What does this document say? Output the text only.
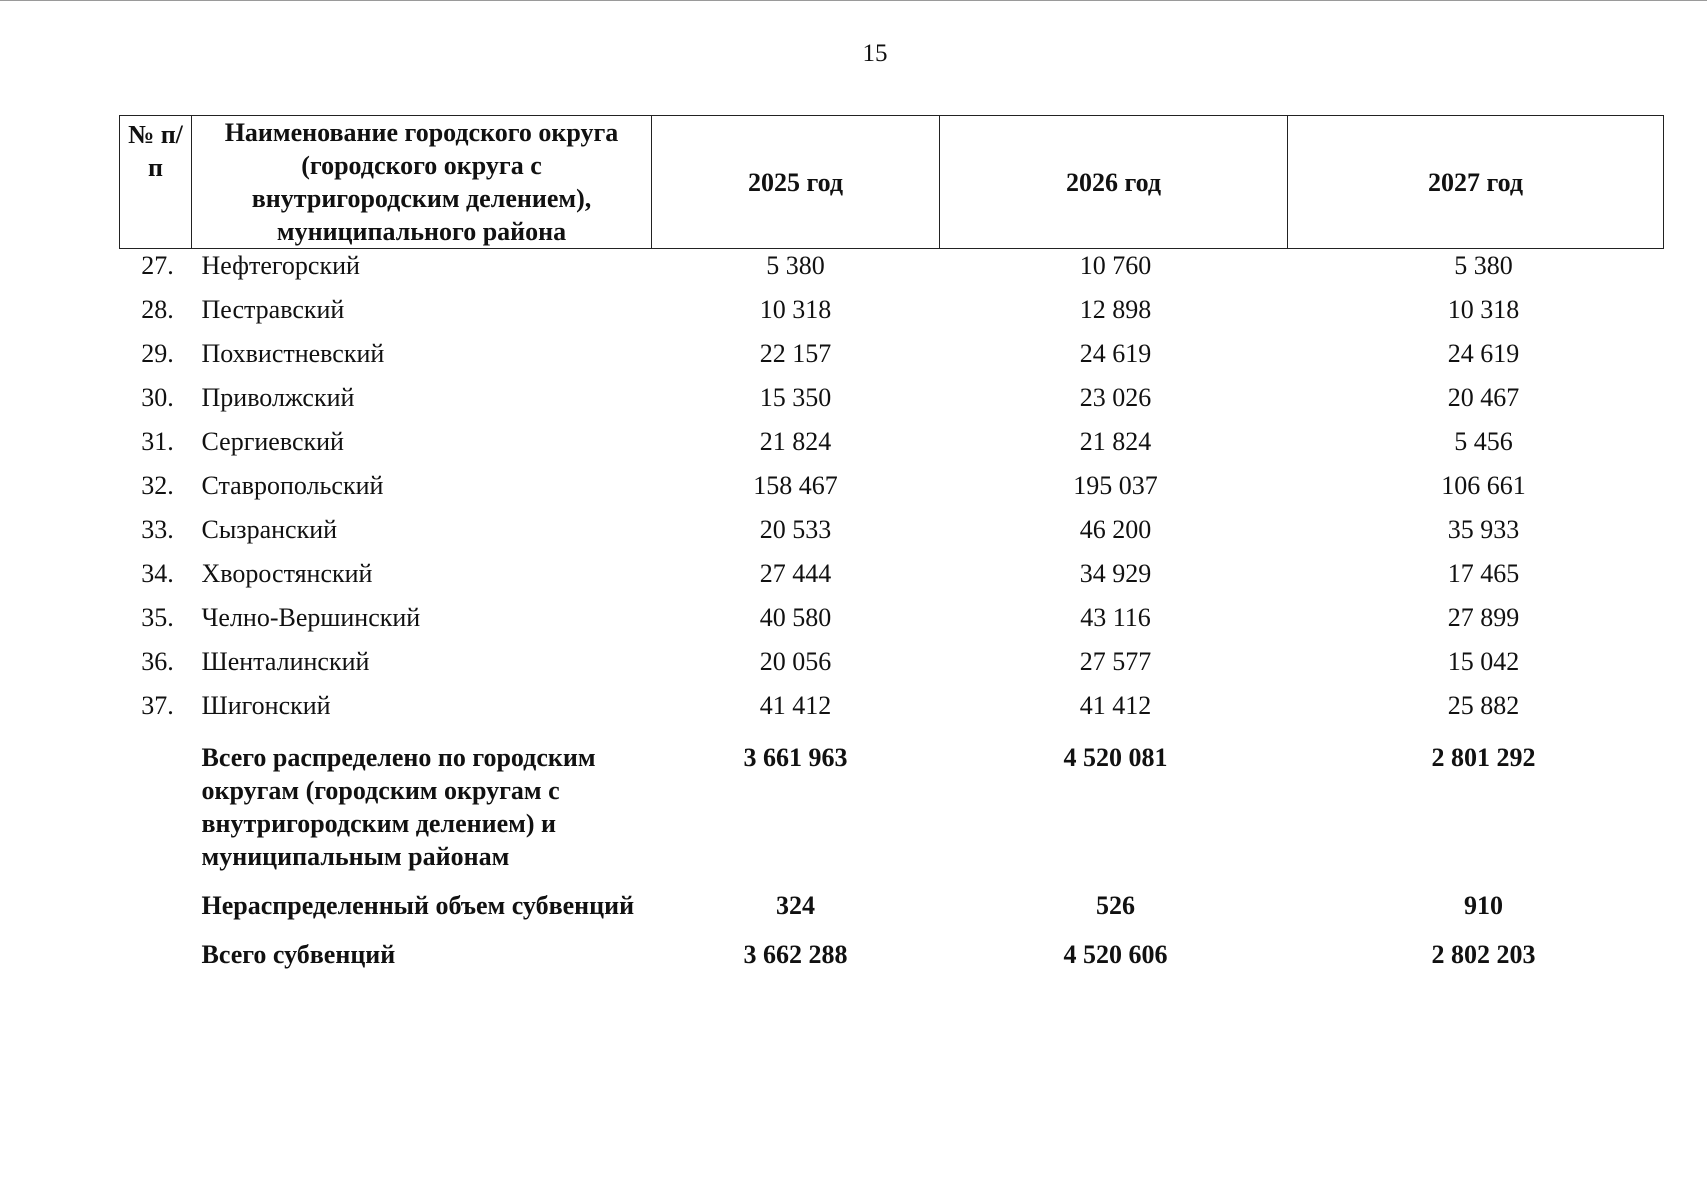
15
№ п/п	Наименование городского округа (городского округа с внутригородским делением), муниципального района	2025 год	2026 год	2027 год
27.	Нефтегорский	5 380	10 760	5 380
28.	Пестравский	10 318	12 898	10 318
29.	Похвистневский	22 157	24 619	24 619
30.	Приволжский	15 350	23 026	20 467
31.	Сергиевский	21 824	21 824	5 456
32.	Ставропольский	158 467	195 037	106 661
33.	Сызранский	20 533	46 200	35 933
34.	Хворостянский	27 444	34 929	17 465
35.	Челно-Вершинский	40 580	43 116	27 899
36.	Шенталинский	20 056	27 577	15 042
37.	Шигонский	41 412	41 412	25 882
	Всего распределено по городским округам (городским округам с внутригородским делением) и муниципальным районам	3 661 963	4 520 081	2 801 292
	Нераспределенный объем субвенций	324	526	910
	Всего субвенций	3 662 288	4 520 606	2 802 203
